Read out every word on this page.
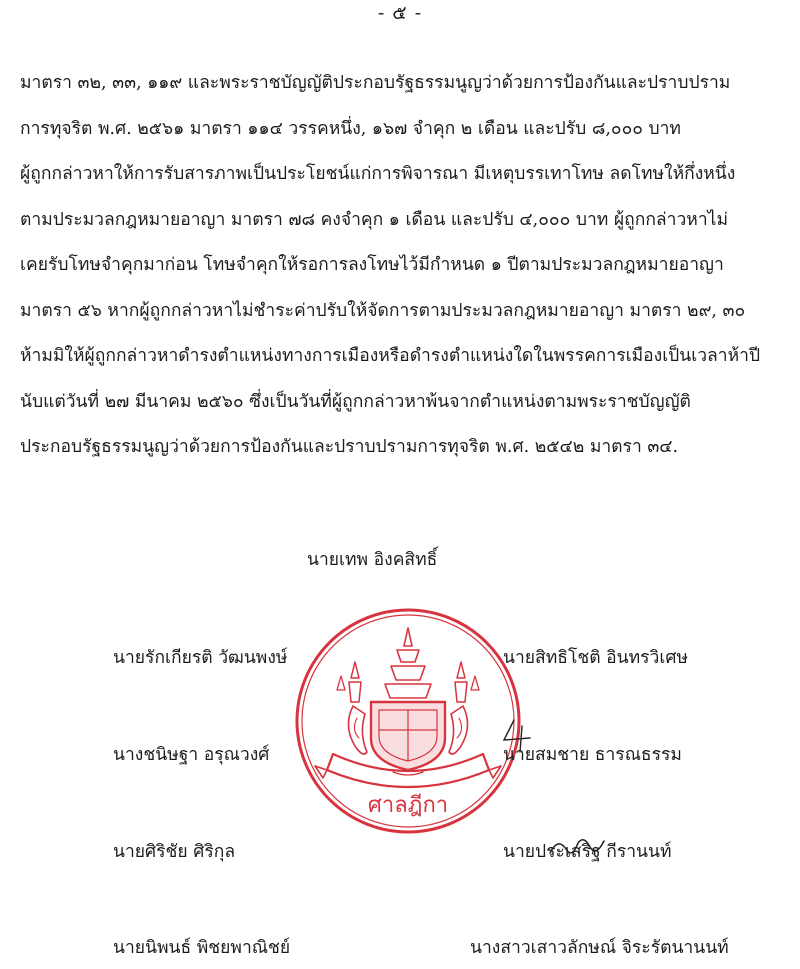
- ๕ -

มาตรา ๓๒, ๓๓, ๑๑๙ และพระราชบัญญัติประกอบรัฐธรรมนูญว่าด้วยการป้องกันและปราบปราม
การทุจริต พ.ศ. ๒๕๖๑ มาตรา ๑๑๔ วรรคหนึ่ง, ๑๖๗ จำคุก ๒ เดือน และปรับ ๘,๐๐๐ บาท
ผู้ถูกกล่าวหาให้การรับสารภาพเป็นประโยชน์แก่การพิจารณา มีเหตุบรรเทาโทษ ลดโทษให้กึ่งหนึ่ง
ตามประมวลกฎหมายอาญา มาตรา ๗๘ คงจำคุก ๑ เดือน และปรับ ๔,๐๐๐ บาท ผู้ถูกกล่าวหาไม่
เคยรับโทษจำคุกมาก่อน โทษจำคุกให้รอการลงโทษไว้มีกำหนด ๑ ปีตามประมวลกฎหมายอาญา
มาตรา ๕๖ หากผู้ถูกกล่าวหาไม่ชำระค่าปรับให้จัดการตามประมวลกฎหมายอาญา มาตรา ๒๙, ๓๐
ห้ามมิให้ผู้ถูกกล่าวหาดำรงตำแหน่งทางการเมืองหรือดำรงตำแหน่งใดในพรรคการเมืองเป็นเวลาห้าปี
นับแต่วันที่ ๒๗ มีนาคม ๒๕๖๐ ซึ่งเป็นวันที่ผู้ถูกกล่าวหาพ้นจากตำแหน่งตามพระราชบัญญัติ
ประกอบรัฐธรรมนูญว่าด้วยการป้องกันและปราบปรามการทุจริต พ.ศ. ๒๕๔๒ มาตรา ๓๔.

ศาลฎีกา
นายเทพ อิงคสิทธิ์
นายรักเกียรติ วัฒนพงษ์
นางชนิษฐา อรุณวงศ์
นายศิริชัย ศิริกุล
นายนิพนธ์ พิชยพาณิชย์
นายสิทธิโชติ อินทรวิเศษ
นายสมชาย ธารณธรรม
นายประเสริฐ กีรานนท์
นางสาวเสาวลักษณ์ จิระรัตนานนท์
